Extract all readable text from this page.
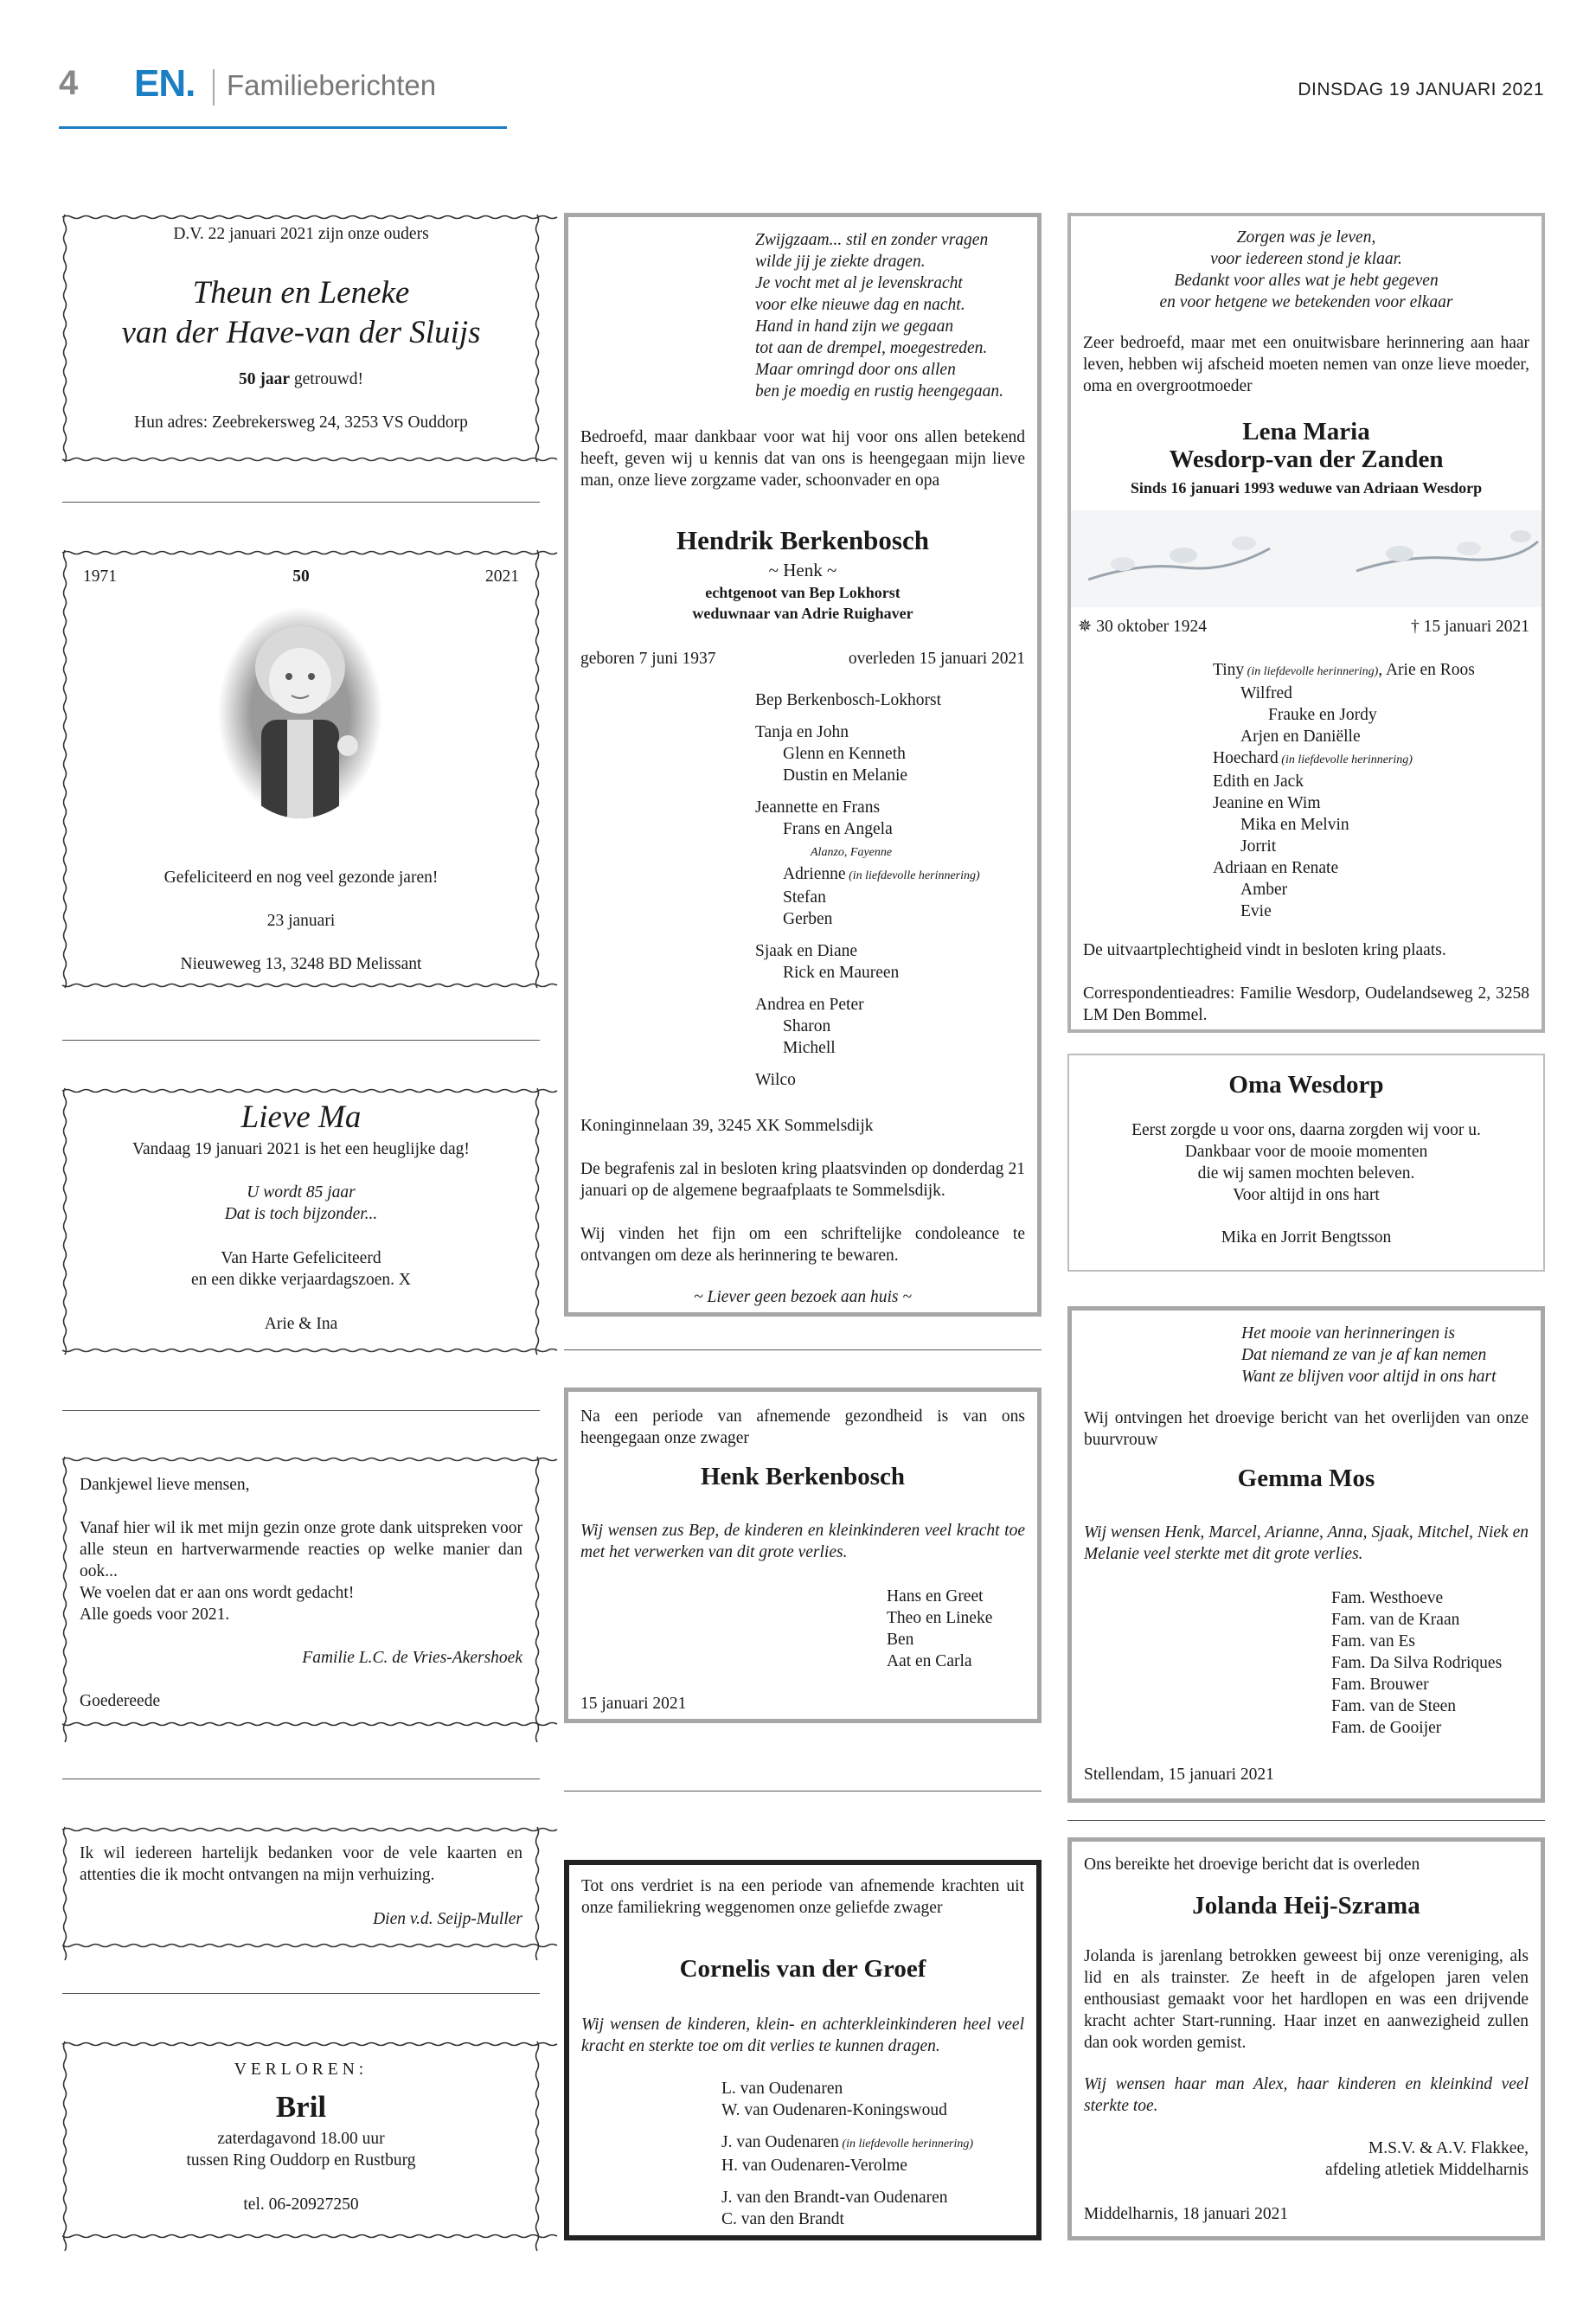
4 EN. Familieberichten	DINSDAG 19 JANUARI 2021
D.V. 22 januari 2021 zijn onze ouders
Theun en Leneke
van der Have-van der Sluijs
50 jaar getrouwd!
Hun adres: Zeebrekersweg 24, 3253 VS Ouddorp
1971	50	2021
Gefeliciteerd en nog veel gezonde jaren!
23 januari
Nieuweweg 13, 3248 BD Melissant
Lieve Ma
Vandaag 19 januari 2021 is het een heuglijke dag!
U wordt 85 jaar
Dat is toch bijzonder...
Van Harte Gefeliciteerd
en een dikke verjaardagszoen. X
Arie & Ina
Dankjewel lieve mensen,
Vanaf hier wil ik met mijn gezin onze grote dank uitspreken voor alle steun en hartverwarmende reacties op welke manier dan ook...
We voelen dat er aan ons wordt gedacht!
Alle goeds voor 2021.
Familie L.C. de Vries-Akershoek
Goedereede
Ik wil iedereen hartelijk bedanken voor de vele kaarten en attenties die ik mocht ontvangen na mijn verhuizing.
Dien v.d. Seijp-Muller
VERLOREN:
Bril
zaterdagavond 18.00 uur
tussen Ring Ouddorp en Rustburg
tel. 06-20927250
Zwijgzaam... stil en zonder vragen
wilde jij je ziekte dragen.
Je vocht met al je levenskracht
voor elke nieuwe dag en nacht.
Hand in hand zijn we gegaan
tot aan de drempel, moegestreden.
Maar omringd door ons allen
ben je moedig en rustig heengegaan.
Bedroefd, maar dankbaar voor wat hij voor ons allen betekend heeft, geven wij u kennis dat van ons is heengegaan mijn lieve man, onze lieve zorgzame vader, schoonvader en opa
Hendrik Berkenbosch
~ Henk ~
echtgenoot van Bep Lokhorst
weduwnaar van Adrie Ruighaver
geboren 7 juni 1937	overleden 15 januari 2021
Bep Berkenbosch-Lokhorst
Tanja en John
Glenn en Kenneth
Dustin en Melanie
Jeannette en Frans
Frans en Angela
Alanzo, Fayenne
Adrienne (in liefdevolle herinnering)
Stefan
Gerben
Sjaak en Diane
Rick en Maureen
Andrea en Peter
Sharon
Michell
Wilco
Koninginnelaan 39, 3245 XK Sommelsdijk
De begrafenis zal in besloten kring plaatsvinden op donderdag 21 januari op de algemene begraafplaats te Sommelsdijk.
Wij vinden het fijn om een schriftelijke condoleance te ontvangen om deze als herinnering te bewaren.
~ Liever geen bezoek aan huis ~
Na een periode van afnemende gezondheid is van ons heengegaan onze zwager
Henk Berkenbosch
Wij wensen zus Bep, de kinderen en kleinkinderen veel kracht toe met het verwerken van dit grote verlies.
Hans en Greet
Theo en Lineke
Ben
Aat en Carla
15 januari 2021
Tot ons verdriet is na een periode van afnemende krachten uit onze familiekring weggenomen onze geliefde zwager
Cornelis van der Groef
Wij wensen de kinderen, klein- en achterkleinkinderen heel veel kracht en sterkte toe om dit verlies te kunnen dragen.
L. van Oudenaren
W. van Oudenaren-Koningswoud
J. van Oudenaren (in liefdevolle herinnering)
H. van Oudenaren-Verolme
J. van den Brandt-van Oudenaren
C. van den Brandt
Zorgen was je leven,
voor iedereen stond je klaar.
Bedankt voor alles wat je hebt gegeven
en voor hetgene we betekenden voor elkaar
Zeer bedroefd, maar met een onuitwisbare herinnering aan haar leven, hebben wij afscheid moeten nemen van onze lieve moeder, oma en overgrootmoeder
Lena Maria
Wesdorp-van der Zanden
Sinds 16 januari 1993 weduwe van Adriaan Wesdorp
✵ 30 oktober 1924	† 15 januari 2021
Tiny (in liefdevolle herinnering), Arie en Roos
Wilfred
Frauke en Jordy
Arjen en Daniëlle
Hoechard (in liefdevolle herinnering)
Edith en Jack
Jeanine en Wim
Mika en Melvin
Jorrit
Adriaan en Renate
Amber
Evie
De uitvaartplechtigheid vindt in besloten kring plaats.
Correspondentieadres: Familie Wesdorp, Oudelandseweg 2, 3258 LM Den Bommel.
Oma Wesdorp
Eerst zorgde u voor ons, daarna zorgden wij voor u.
Dankbaar voor de mooie momenten
die wij samen mochten beleven.
Voor altijd in ons hart
Mika en Jorrit Bengtsson
Het mooie van herinneringen is
Dat niemand ze van je af kan nemen
Want ze blijven voor altijd in ons hart
Wij ontvingen het droevige bericht van het overlijden van onze buurvrouw
Gemma Mos
Wij wensen Henk, Marcel, Arianne, Anna, Sjaak, Mitchel, Niek en Melanie veel sterkte met dit grote verlies.
Fam. Westhoeve
Fam. van de Kraan
Fam. van Es
Fam. Da Silva Rodriques
Fam. Brouwer
Fam. van de Steen
Fam. de Gooijer
Stellendam, 15 januari 2021
Ons bereikte het droevige bericht dat is overleden
Jolanda Heij-Szrama
Jolanda is jarenlang betrokken geweest bij onze vereniging, als lid en als trainster. Ze heeft in de afgelopen jaren velen enthousiast gemaakt voor het hardlopen en was een drijvende kracht achter Start-running. Haar inzet en aanwezigheid zullen dan ook worden gemist.
Wij wensen haar man Alex, haar kinderen en kleinkind veel sterkte toe.
M.S.V. & A.V. Flakkee,
afdeling atletiek Middelharnis
Middelharnis, 18 januari 2021
